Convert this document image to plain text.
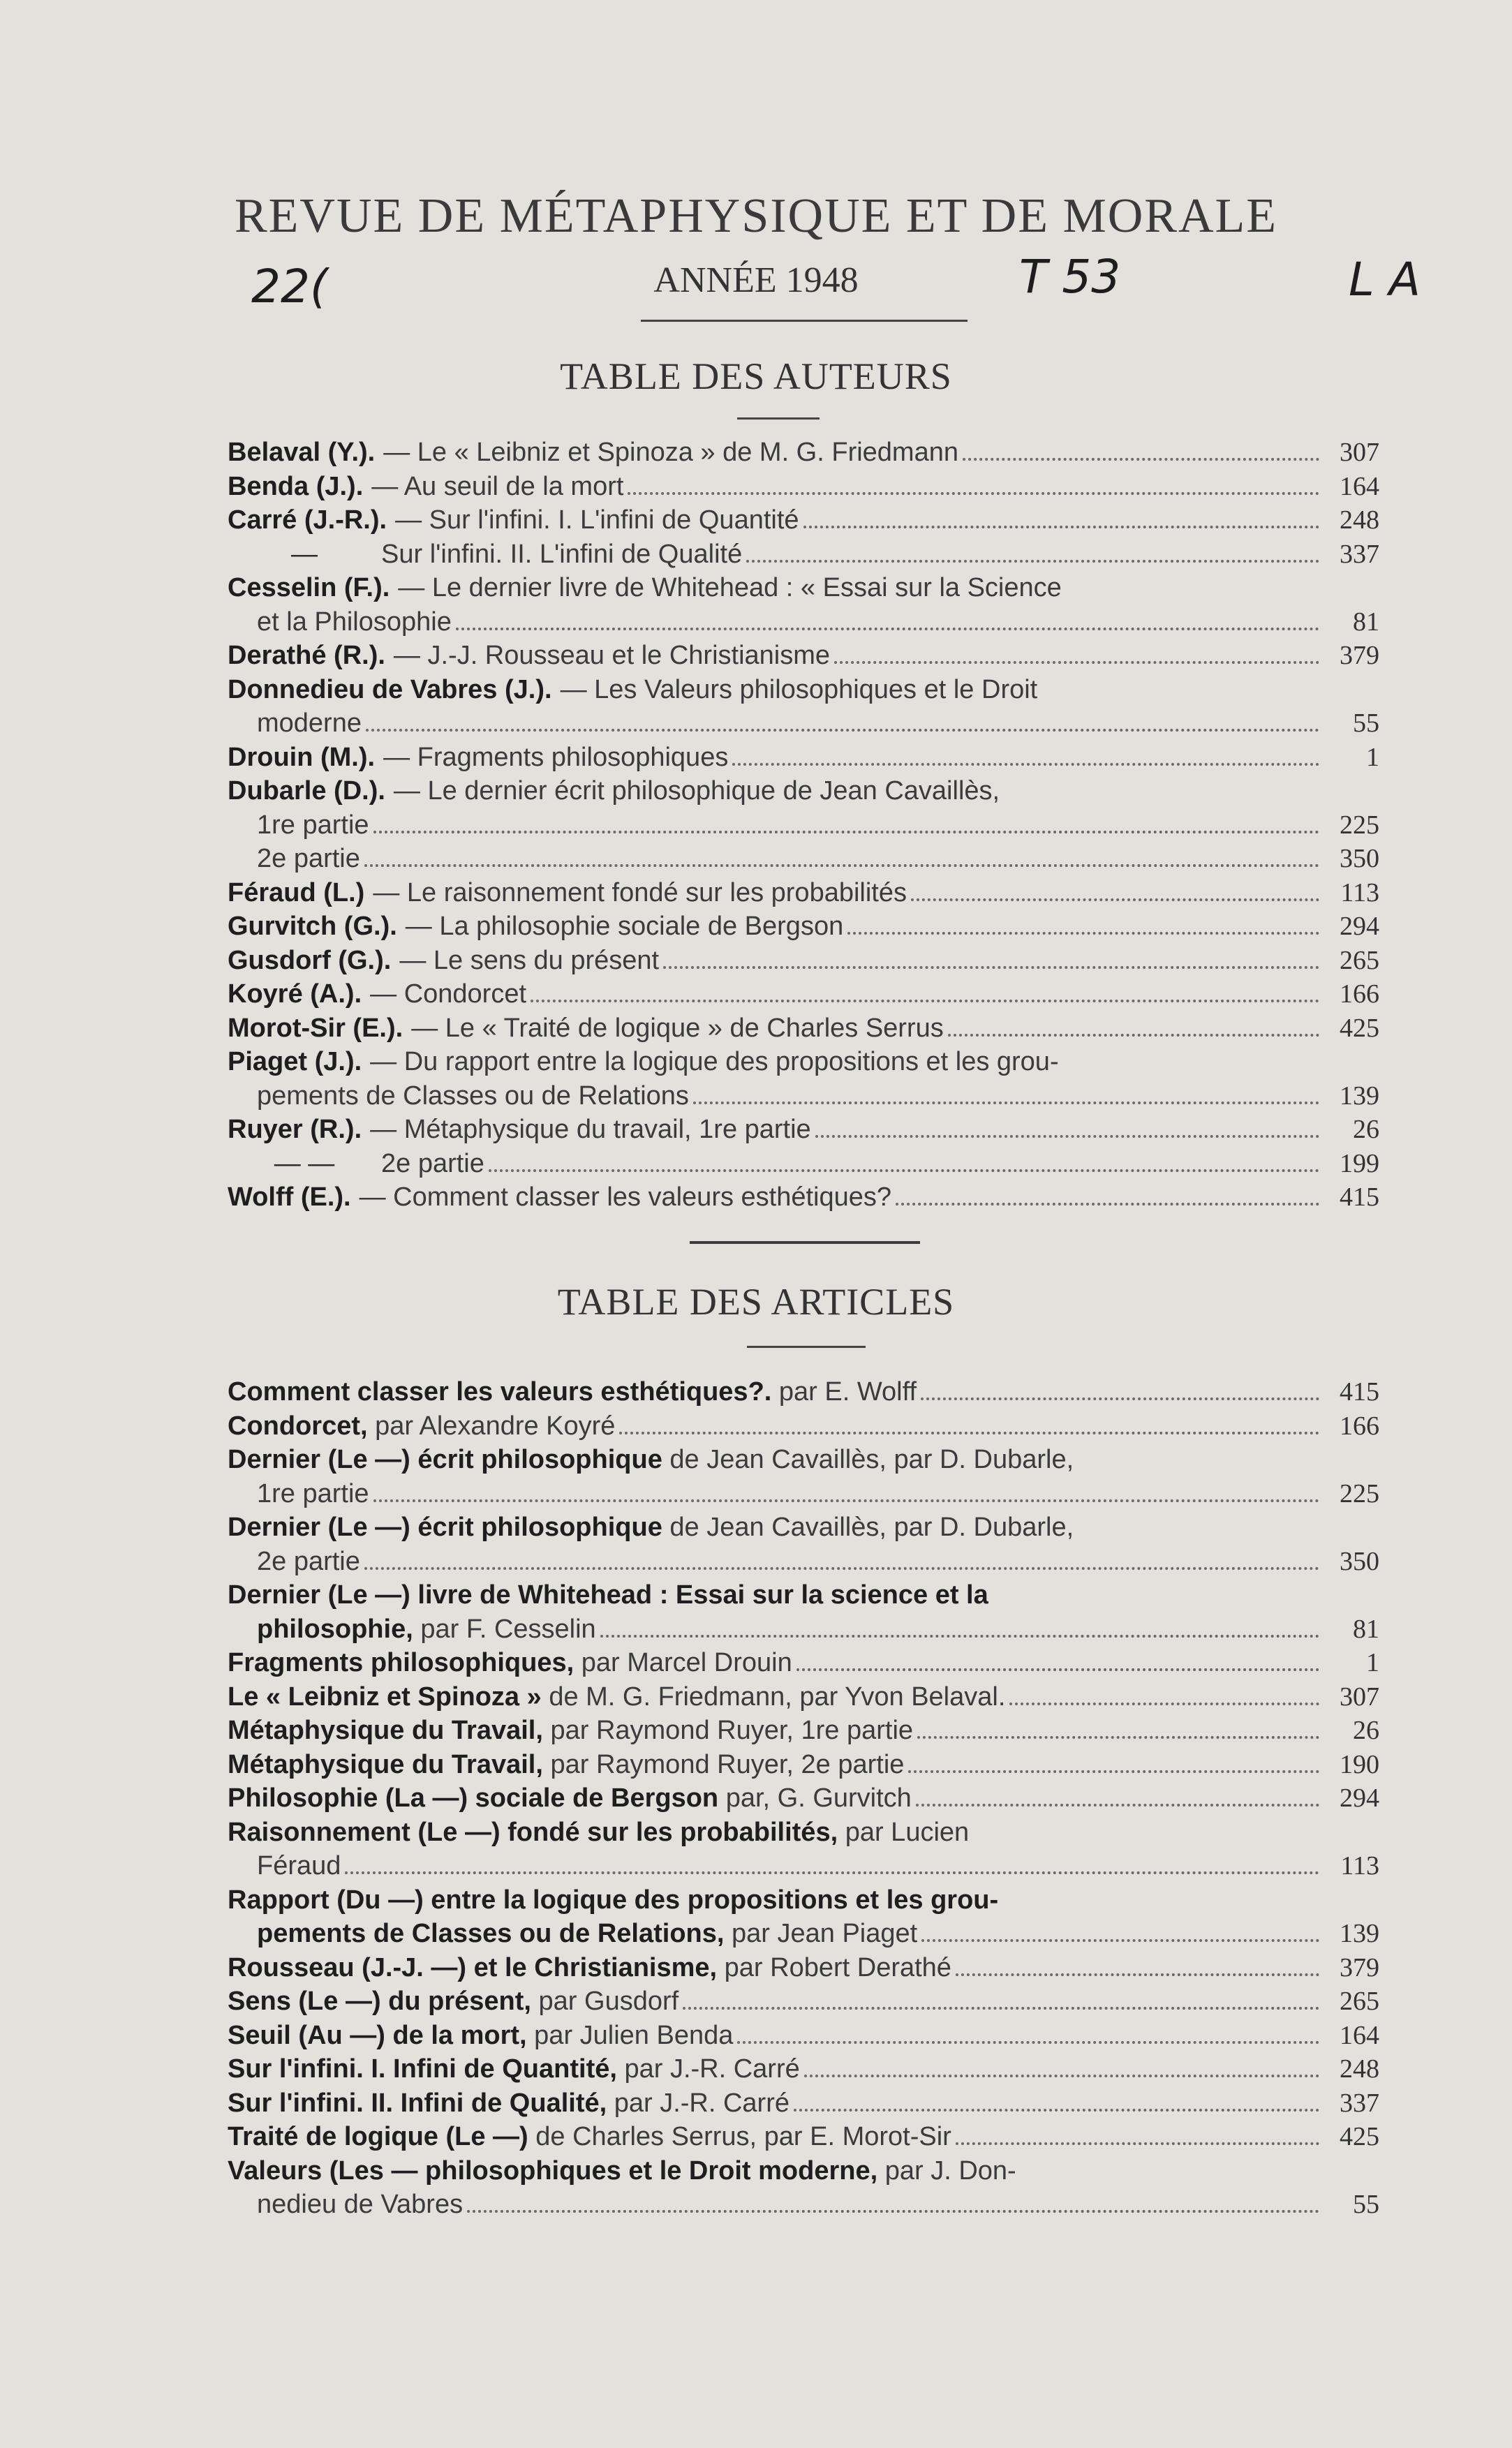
REVUE DE MÉTAPHYSIQUE ET DE MORALE
ANNÉE 1948
22(	T 53	L A
TABLE DES AUTEURS
Belaval (Y.). — Le « Leibniz et Spinoza » de M. G. Friedmann	307
Benda (J.). — Au seuil de la mort	164
Carré (J.-R.). — Sur l'infini. I. L'infini de Quantité	248
—	Sur l'infini. II. L'infini de Qualité	337
Cesselin (F.). — Le dernier livre de Whitehead : « Essai sur la Science
et la Philosophie	81
Derathé (R.). — J.-J. Rousseau et le Christianisme	379
Donnedieu de Vabres (J.). — Les Valeurs philosophiques et le Droit
moderne	55
Drouin (M.). — Fragments philosophiques	1
Dubarle (D.). — Le dernier écrit philosophique de Jean Cavaillès,
1re partie	225
2e partie	350
Féraud (L.) — Le raisonnement fondé sur les probabilités	113
Gurvitch (G.). — La philosophie sociale de Bergson	294
Gusdorf (G.). — Le sens du présent	265
Koyré (A.). — Condorcet	166
Morot-Sir (E.). — Le « Traité de logique » de Charles Serrus	425
Piaget (J.). — Du rapport entre la logique des propositions et les grou-
pements de Classes ou de Relations	139
Ruyer (R.). — Métaphysique du travail, 1re partie	26
— —	2e partie	199
Wolff (E.). — Comment classer les valeurs esthétiques?	415
TABLE DES ARTICLES
Comment classer les valeurs esthétiques?.
par E. Wolff	415
Condorcet,
par Alexandre Koyré	166
Dernier (Le —) écrit philosophique
de Jean Cavaillès, par D. Dubarle,
1re partie	225
Dernier (Le —) écrit philosophique
de Jean Cavaillès, par D. Dubarle,
2e partie	350
Dernier (Le —) livre de Whitehead : Essai sur la science et la
philosophie,
par F. Cesselin	81
Fragments philosophiques,
par Marcel Drouin	1
Le « Leibniz et Spinoza »
de M. G. Friedmann, par Yvon Belaval.	307
Métaphysique du Travail,
par Raymond Ruyer, 1re partie	26
Métaphysique du Travail,
par Raymond Ruyer, 2e partie	190
Philosophie (La —) sociale de Bergson
par, G. Gurvitch	294
Raisonnement (Le —) fondé sur les probabilités,
par Lucien
Féraud	113
Rapport (Du —) entre la logique des propositions et les grou-
pements de Classes ou de Relations,
par Jean Piaget	139
Rousseau (J.-J. —) et le Christianisme,
par Robert Derathé	379
Sens (Le —) du présent,
par Gusdorf	265
Seuil (Au —) de la mort,
par Julien Benda	164
Sur l'infini. I. Infini de Quantité,
par J.-R. Carré	248
Sur l'infini. II. Infini de Qualité,
par J.-R. Carré	337
Traité de logique (Le —)
de Charles Serrus, par E. Morot-Sir	425
Valeurs (Les — philosophiques et le Droit moderne,
par J. Don-
nedieu de Vabres	55
